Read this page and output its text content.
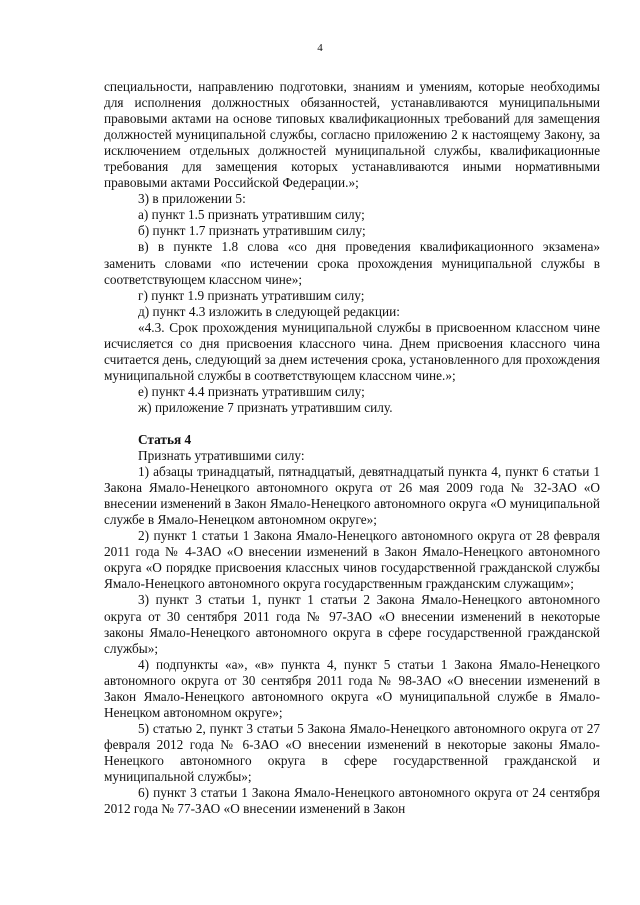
4

специальности, направлению подготовки, знаниям и умениям, которые необходимы для исполнения должностных обязанностей, устанавливаются муниципальными правовыми актами на основе типовых квалификационных требований для замещения должностей муниципальной службы, согласно приложению 2 к настоящему Закону, за исключением отдельных должностей муниципальной службы, квалификационные требования для замещения которых устанавливаются иными нормативными правовыми актами Российской Федерации.»;

3) в приложении 5:

а) пункт 1.5 признать утратившим силу;

б) пункт 1.7 признать утратившим силу;

в) в пункте 1.8 слова «со дня проведения квалификационного экзамена» заменить словами «по истечении срока прохождения муниципальной службы в соответствующем классном чине»;

г) пункт 1.9 признать утратившим силу;

д) пункт 4.3 изложить в следующей редакции:

«4.3. Срок прохождения муниципальной службы в присвоенном классном чине исчисляется со дня присвоения классного чина. Днем присвоения классного чина считается день, следующий за днем истечения срока, установленного для прохождения муниципальной службы в соответствующем классном чине.»;

е) пункт 4.4 признать утратившим силу;

ж) приложение 7 признать утратившим силу.

Статья 4

Признать утратившими силу:

1) абзацы тринадцатый, пятнадцатый, девятнадцатый пункта 4, пункт 6 статьи 1 Закона Ямало-Ненецкого автономного округа от 26 мая 2009 года № 32-ЗАО «О внесении изменений в Закон Ямало-Ненецкого автономного округа «О муниципальной службе в Ямало-Ненецком автономном округе»;

2) пункт 1 статьи 1 Закона Ямало-Ненецкого автономного округа от 28 февраля 2011 года № 4-ЗАО «О внесении изменений в Закон Ямало-Ненецкого автономного округа «О порядке присвоения классных чинов государственной гражданской службы Ямало-Ненецкого автономного округа государственным гражданским служащим»;

3) пункт 3 статьи 1, пункт 1 статьи 2 Закона Ямало-Ненецкого автономного округа от 30 сентября 2011 года № 97-ЗАО «О внесении изменений в некоторые законы Ямало-Ненецкого автономного округа в сфере государственной гражданской службы»;

4) подпункты «а», «в» пункта 4, пункт 5 статьи 1 Закона Ямало-Ненецкого автономного округа от 30 сентября 2011 года № 98-ЗАО «О внесении изменений в Закон Ямало-Ненецкого автономного округа «О муниципальной службе в Ямало-Ненецком автономном округе»;

5) статью 2, пункт 3 статьи 5 Закона Ямало-Ненецкого автономного округа от 27 февраля 2012 года № 6-ЗАО «О внесении изменений в некоторые законы Ямало-Ненецкого автономного округа в сфере государственной гражданской и муниципальной службы»;

6) пункт 3 статьи 1 Закона Ямало-Ненецкого автономного округа от 24 сентября 2012 года № 77-ЗАО «О внесении изменений в Закон
